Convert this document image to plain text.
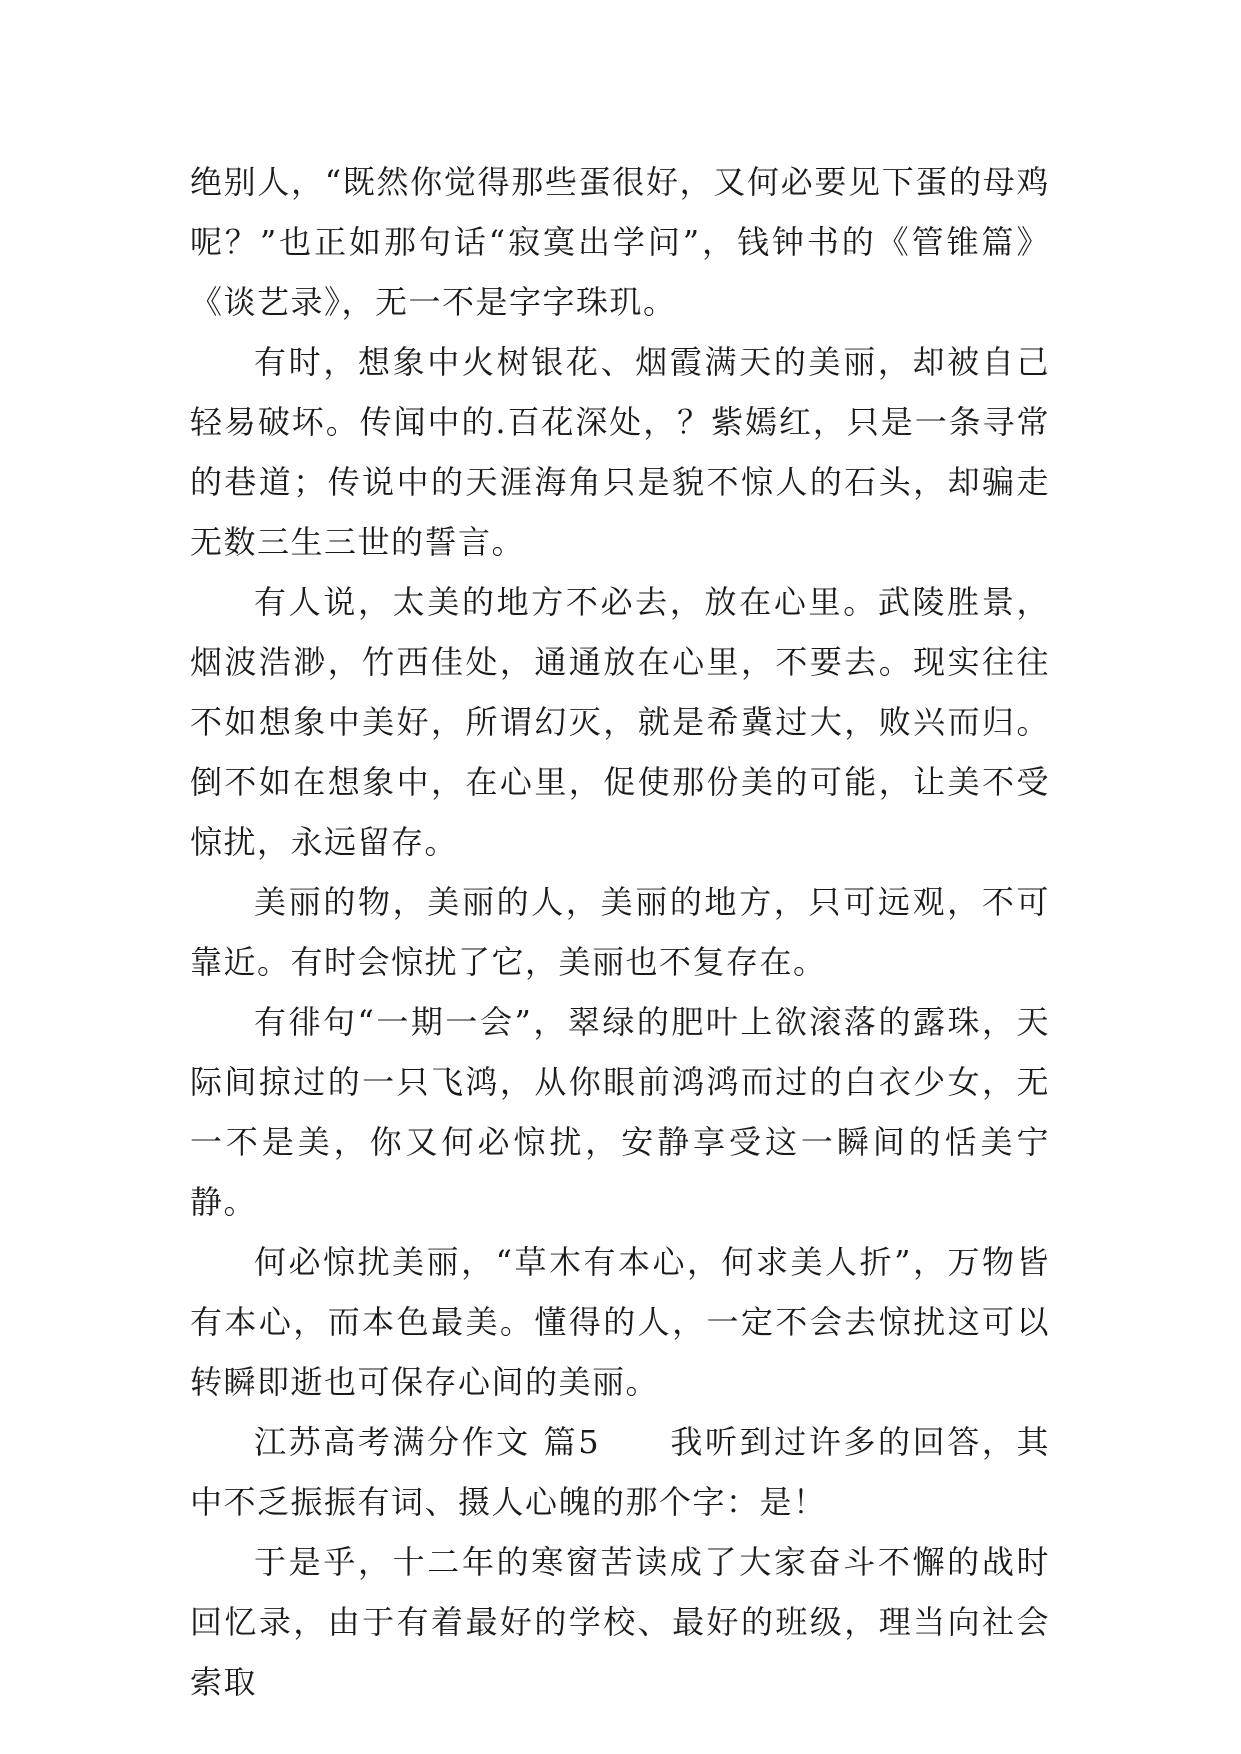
绝别人，“既然你觉得那些蛋很好，又何必要见下蛋的母鸡呢？”也正如那句话“寂寞出学问”，钱钟书的《管锥篇》《谈艺录》，无一不是字字珠玑。

有时，想象中火树银花、烟霞满天的美丽，却被自己轻易破坏。传闻中的.百花深处，？紫嫣红，只是一条寻常的巷道；传说中的天涯海角只是貌不惊人的石头，却骗走无数三生三世的誓言。

有人说，太美的地方不必去，放在心里。武陵胜景，烟波浩渺，竹西佳处，通通放在心里，不要去。现实往往不如想象中美好，所谓幻灭，就是希冀过大，败兴而归。倒不如在想象中，在心里，促使那份美的可能，让美不受惊扰，永远留存。

美丽的物，美丽的人，美丽的地方，只可远观，不可靠近。有时会惊扰了它，美丽也不复存在。

有徘句“一期一会”，翠绿的肥叶上欲滚落的露珠，天际间掠过的一只飞鸿，从你眼前鸿鸿而过的白衣少女，无一不是美，你又何必惊扰，安静享受这一瞬间的恬美宁静。

何必惊扰美丽，“草木有本心，何求美人折”，万物皆有本心，而本色最美。懂得的人，一定不会去惊扰这可以转瞬即逝也可保存心间的美丽。

江苏高考满分作文 篇5　　我听到过许多的回答，其中不乏振振有词、摄人心魄的那个字：是！

于是乎，十二年的寒窗苦读成了大家奋斗不懈的战时回忆录，由于有着最好的学校、最好的班级，理当向社会索取
